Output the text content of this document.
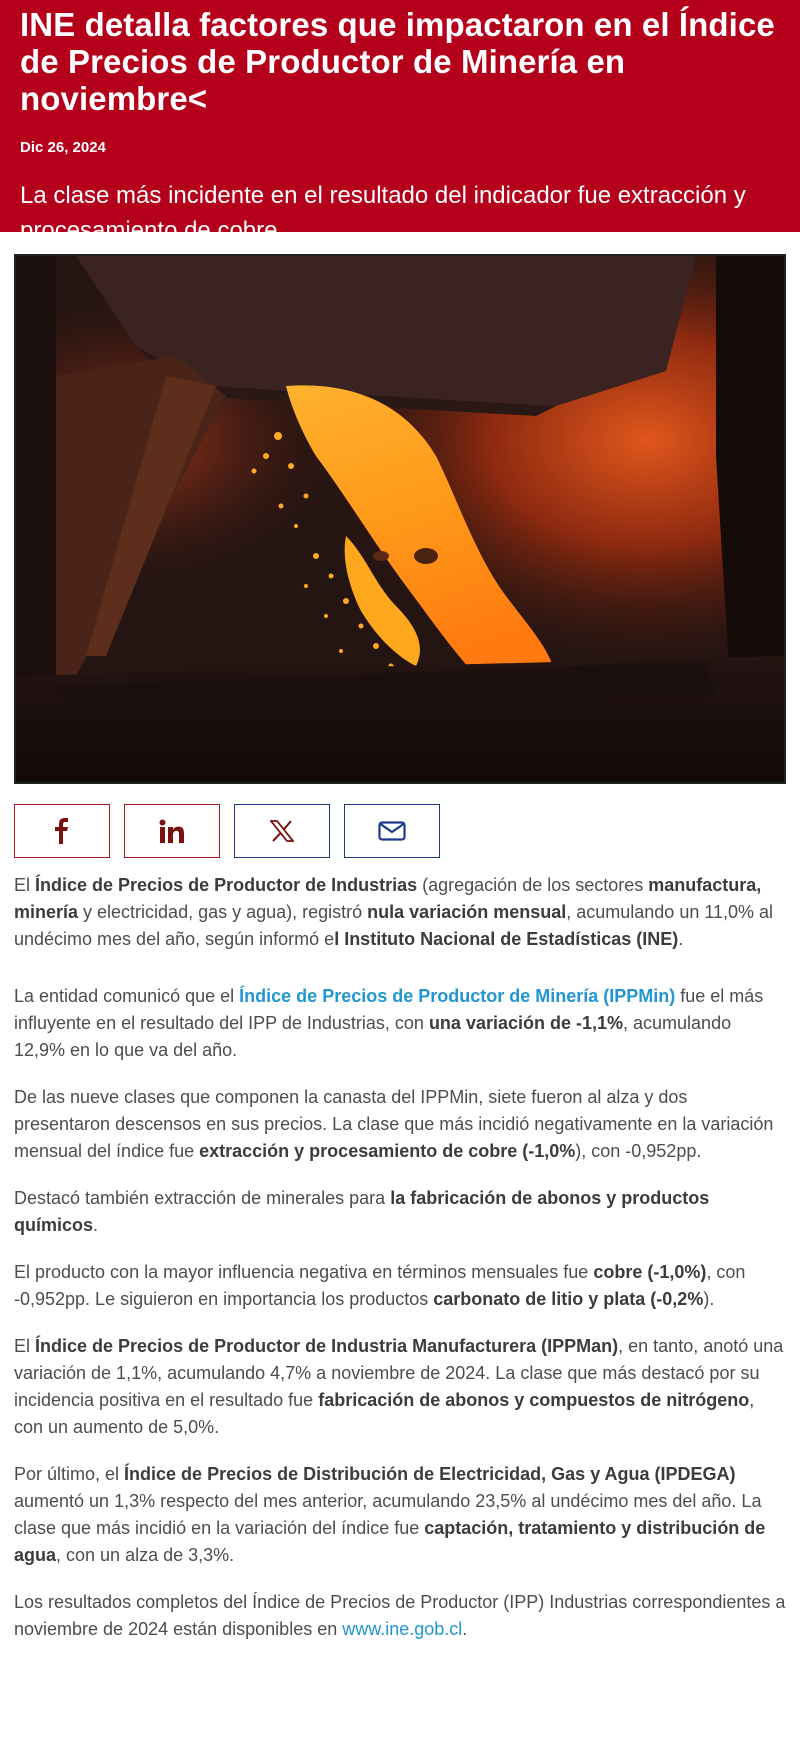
INE detalla factores que impactaron en el Índice de Precios de Productor de Minería en noviembre<
Dic 26, 2024
La clase más incidente en el resultado del indicador fue extracción y procesamiento de cobre.

El Índice de Precios de Productor de Industrias (agregación de los sectores manufactura, minería y electricidad, gas y agua), registró nula variación mensual, acumulando un 11,0% al undécimo mes del año, según informó el Instituto Nacional de Estadísticas (INE).

La entidad comunicó que el Índice de Precios de Productor de Minería (IPPMin) fue el más influyente en el resultado del IPP de Industrias, con una variación de -1,1%, acumulando 12,9% en lo que va del año.

De las nueve clases que componen la canasta del IPPMin, siete fueron al alza y dos presentaron descensos en sus precios. La clase que más incidió negativamente en la variación mensual del índice fue extracción y procesamiento de cobre (-1,0%), con -0,952pp.

Destacó también extracción de minerales para la fabricación de abonos y productos químicos.

El producto con la mayor influencia negativa en términos mensuales fue cobre (-1,0%), con -0,952pp. Le siguieron en importancia los productos carbonato de litio y plata (-0,2%).

El Índice de Precios de Productor de Industria Manufacturera (IPPMan), en tanto, anotó una variación de 1,1%, acumulando 4,7% a noviembre de 2024. La clase que más destacó por su incidencia positiva en el resultado fue fabricación de abonos y compuestos de nitrógeno, con un aumento de 5,0%.

Por último, el Índice de Precios de Distribución de Electricidad, Gas y Agua (IPDEGA) aumentó un 1,3% respecto del mes anterior, acumulando 23,5% al undécimo mes del año. La clase que más incidió en la variación del índice fue captación, tratamiento y distribución de agua, con un alza de 3,3%.

Los resultados completos del Índice de Precios de Productor (IPP) Industrias correspondientes a noviembre de 2024 están disponibles en www.ine.gob.cl.
